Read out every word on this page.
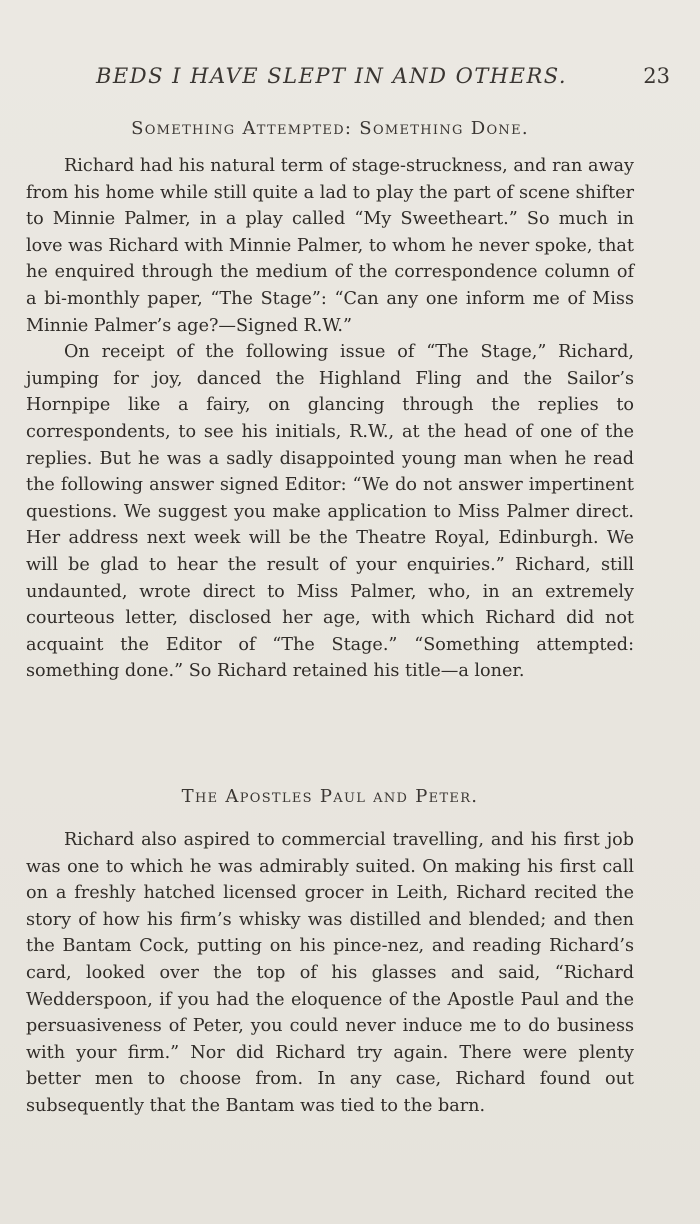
BEDS I HAVE SLEPT IN AND OTHERS.	23
Something Attempted: Something Done.

Richard had his natural term of stage-struckness, and ran away from his home while still quite a lad to play the part of scene shifter to Minnie Palmer, in a play called “My Sweetheart.” So much in love was Richard with Minnie Palmer, to whom he never spoke, that he enquired through the medium of the correspondence column of a bi-monthly paper, “The Stage”: “Can any one inform me of Miss Minnie Palmer’s age?—Signed R.W.”

On receipt of the following issue of “The Stage,” Richard, jumping for joy, danced the Highland Fling and the Sailor’s Hornpipe like a fairy, on glancing through the replies to correspondents, to see his initials, R.W., at the head of one of the replies. But he was a sadly disappointed young man when he read the following answer signed Editor: “We do not answer impertinent questions. We suggest you make application to Miss Palmer direct. Her address next week will be the Theatre Royal, Edinburgh. We will be glad to hear the result of your enquiries.” Richard, still undaunted, wrote direct to Miss Palmer, who, in an extremely courteous letter, disclosed her age, with which Richard did not acquaint the Editor of “The Stage.” “Something attempted: something done.” So Richard retained his title—a loner.

The Apostles Paul and Peter.

Richard also aspired to commercial travelling, and his first job was one to which he was admirably suited. On making his first call on a freshly hatched licensed grocer in Leith, Richard recited the story of how his firm’s whisky was distilled and blended; and then the Bantam Cock, putting on his pince-nez, and reading Richard’s card, looked over the top of his glasses and said, “Richard Wedderspoon, if you had the eloquence of the Apostle Paul and the persuasiveness of Peter, you could never induce me to do business with your firm.” Nor did Richard try again. There were plenty better men to choose from. In any case, Richard found out subsequently that the Bantam was tied to the barn.
